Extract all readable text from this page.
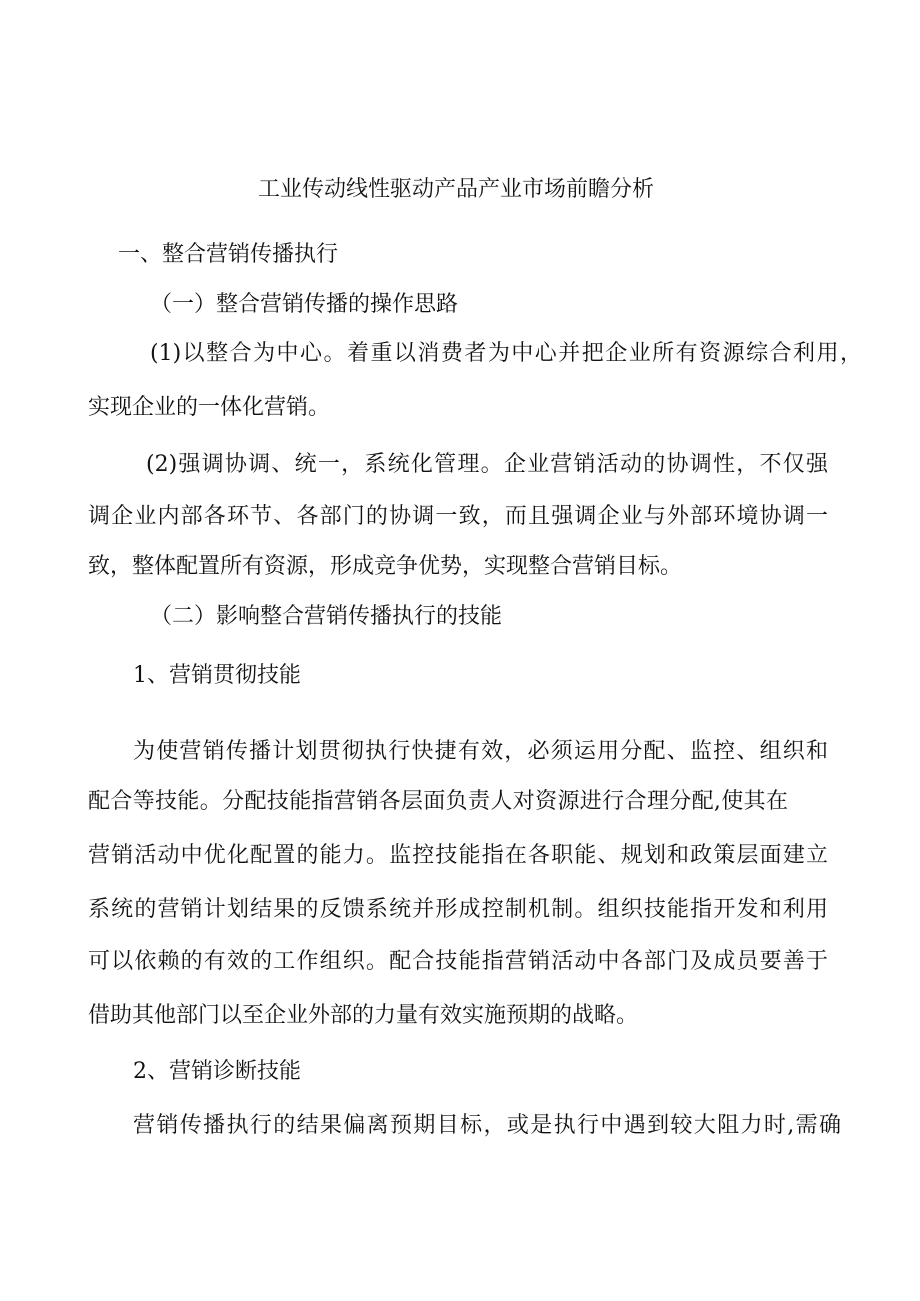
工业传动线性驱动产品产业市场前瞻分析
一、整合营销传播执行
（一）整合营销传播的操作思路
(1)以整合为中心。着重以消费者为中心并把企业所有资源综合利用，
实现企业的一体化营销。
(2)强调协调、统一，系统化管理。企业营销活动的协调性，不仅强
调企业内部各环节、各部门的协调一致，而且强调企业与外部环境协调一
致，整体配置所有资源，形成竞争优势，实现整合营销目标。
（二）影响整合营销传播执行的技能
1、营销贯彻技能
为使营销传播计划贯彻执行快捷有效，必须运用分配、监控、组织和
配合等技能。分配技能指营销各层面负责人对资源进行合理分配,使其在
营销活动中优化配置的能力。监控技能指在各职能、规划和政策层面建立
系统的营销计划结果的反馈系统并形成控制机制。组织技能指开发和利用
可以依赖的有效的工作组织。配合技能指营销活动中各部门及成员要善于
借助其他部门以至企业外部的力量有效实施预期的战略。
2、营销诊断技能
营销传播执行的结果偏离预期目标，或是执行中遇到较大阻力时,需确
